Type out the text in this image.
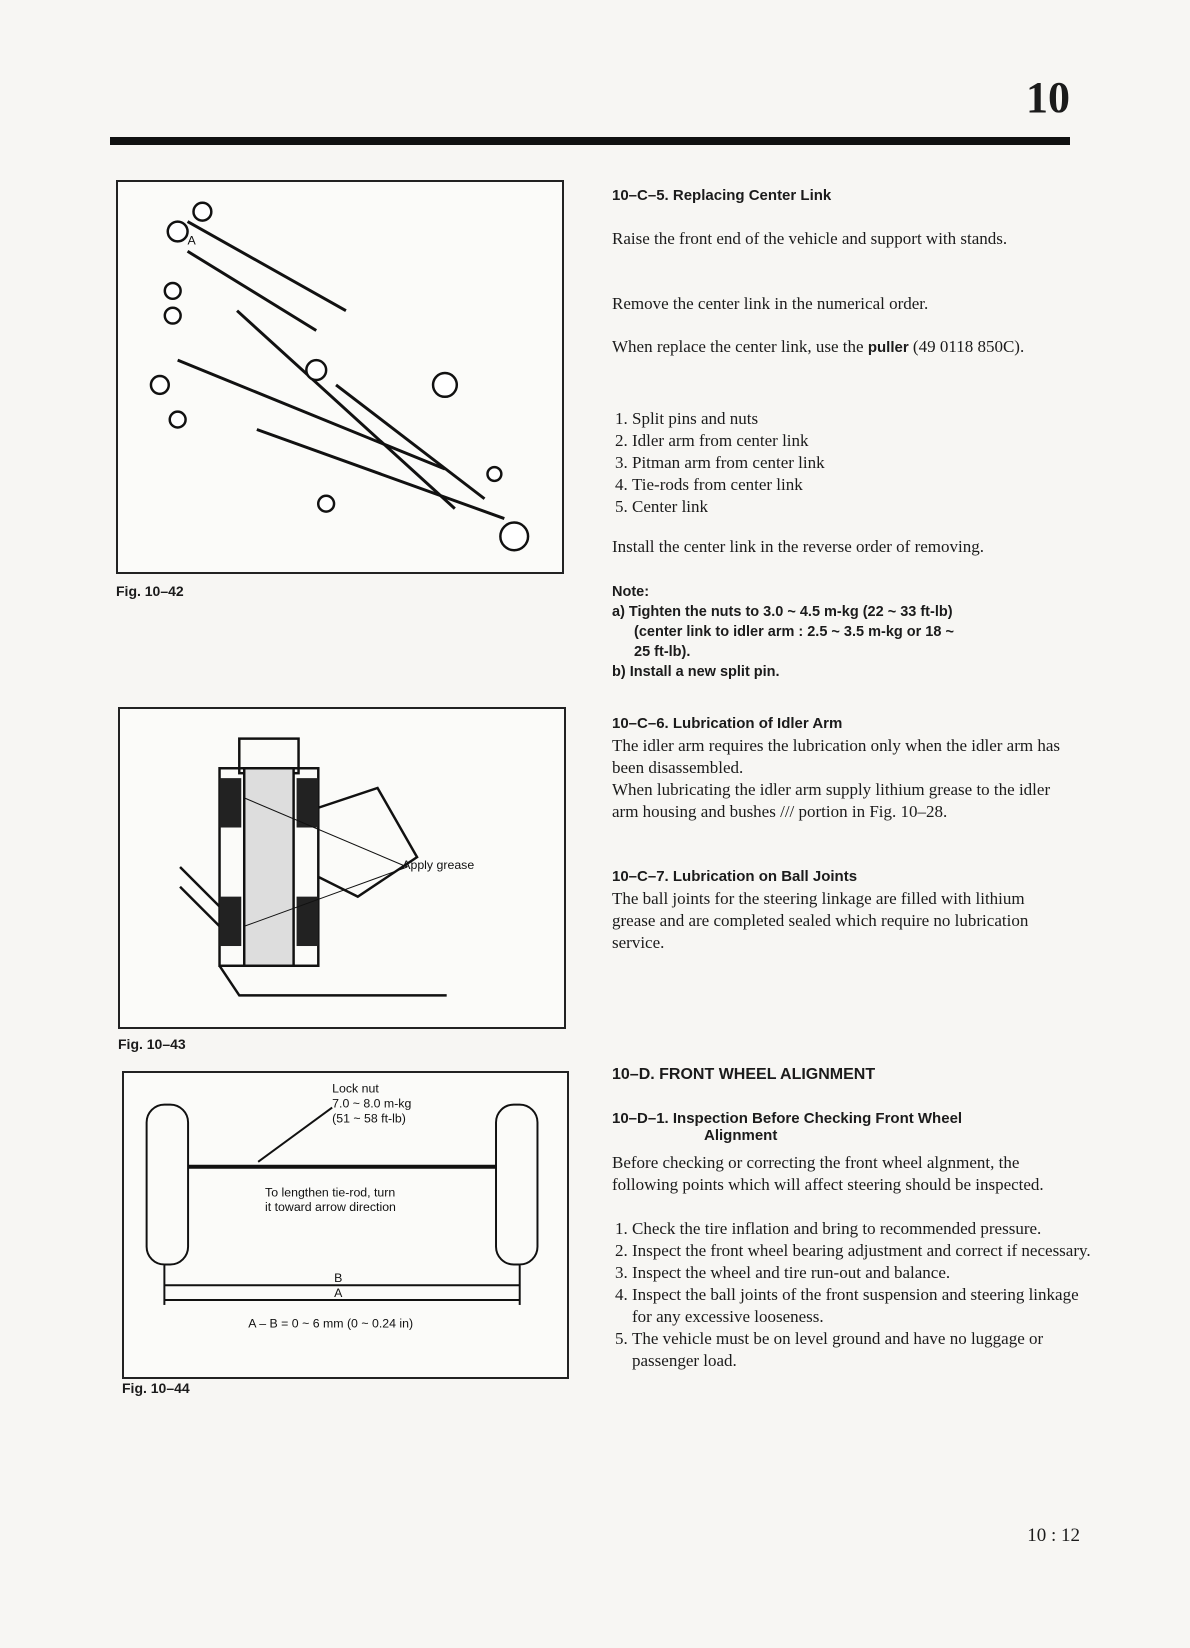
10
A
Fig. 10–42
Apply grease
Fig. 10–43
Lock nut
7.0 ~ 8.0 m-kg
(51 ~ 58 ft-lb)
To lengthen tie-rod, turn
it toward arrow direction
B
A
A – B = 0 ~ 6 mm (0 ~ 0.24 in)
Fig. 10–44
10–C–5. Replacing Center Link
Raise the front end of the vehicle and support with stands.
Remove the center link in the numerical order.
When replace the center link, use the puller (49 0118 850C).
1. Split pins and nuts
2. Idler arm from center link
3. Pitman arm from center link
4. Tie-rods from center link
5. Center link
Install the center link in the reverse order of removing.
Note:
a) Tighten the nuts to 3.0 ~ 4.5 m-kg (22 ~ 33 ft-lb)
(center link to idler arm : 2.5 ~ 3.5 m-kg or 18 ~
25 ft-lb).
b) Install a new split pin.
10–C–6. Lubrication of Idler Arm
The idler arm requires the lubrication only when the idler arm has been disassembled.
When lubricating the idler arm supply lithium grease to the idler arm housing and bushes /// portion in Fig. 10–28.
10–C–7. Lubrication on Ball Joints
The ball joints for the steering linkage are filled with lithium grease and are completed sealed which require no lubrication service.
10–D. FRONT WHEEL ALIGNMENT
10–D–1. Inspection Before Checking Front Wheel
Alignment
Before checking or correcting the front wheel algnment, the following points which will affect steering should be inspected.
1. Check the tire inflation and bring to recommended pressure.
2. Inspect the front wheel bearing adjustment and correct if necessary.
3. Inspect the wheel and tire run-out and balance.
4. Inspect the ball joints of the front suspension and steering linkage for any excessive looseness.
5. The vehicle must be on level ground and have no luggage or passenger load.
10 : 12
